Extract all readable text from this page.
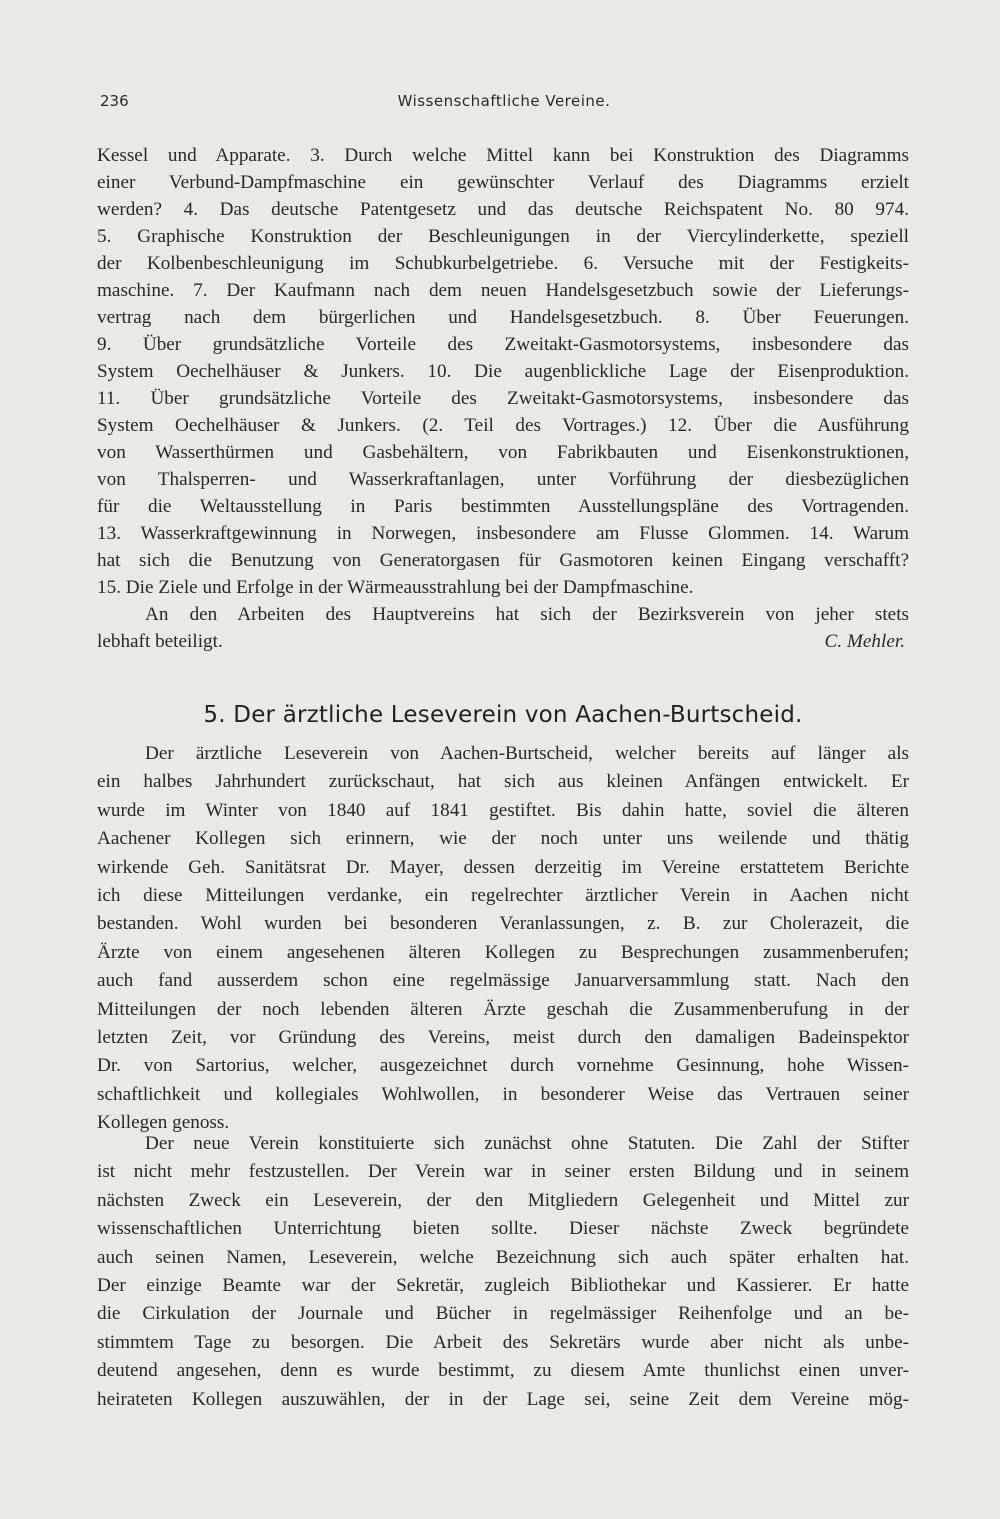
236	Wissenschaftliche Vereine.
Kessel und Apparate. 3. Durch welche Mittel kann bei Konstruktion des Diagramms
einer Verbund-Dampfmaschine ein gewünschter Verlauf des Diagramms erzielt
werden? 4. Das deutsche Patentgesetz und das deutsche Reichspatent No. 80 974.
5. Graphische Konstruktion der Beschleunigungen in der Viercylinderkette, speziell
der Kolbenbeschleunigung im Schubkurbelgetriebe. 6. Versuche mit der Festigkeits-
maschine. 7. Der Kaufmann nach dem neuen Handelsgesetzbuch sowie der Lieferungs-
vertrag nach dem bürgerlichen und Handelsgesetzbuch. 8. Über Feuerungen.
9. Über grundsätzliche Vorteile des Zweitakt-Gasmotorsystems, insbesondere das
System Oechelhäuser & Junkers. 10. Die augenblickliche Lage der Eisenproduktion.
11. Über grundsätzliche Vorteile des Zweitakt-Gasmotorsystems, insbesondere das
System Oechelhäuser & Junkers. (2. Teil des Vortrages.) 12. Über die Ausführung
von Wasserthürmen und Gasbehältern, von Fabrikbauten und Eisenkonstruktionen,
von Thalsperren- und Wasserkraftanlagen, unter Vorführung der diesbezüglichen
für die Weltausstellung in Paris bestimmten Ausstellungspläne des Vortragenden.
13. Wasserkraftgewinnung in Norwegen, insbesondere am Flusse Glommen. 14. Warum
hat sich die Benutzung von Generatorgasen für Gasmotoren keinen Eingang verschafft?
15. Die Ziele und Erfolge in der Wärmeausstrahlung bei der Dampfmaschine.
An den Arbeiten des Hauptvereins hat sich der Bezirksverein von jeher stets
lebhaft beteiligt.	C. Mehler.
5. Der ärztliche Leseverein von Aachen-Burtscheid.
Der ärztliche Leseverein von Aachen-Burtscheid, welcher bereits auf länger als
ein halbes Jahrhundert zurückschaut, hat sich aus kleinen Anfängen entwickelt. Er
wurde im Winter von 1840 auf 1841 gestiftet. Bis dahin hatte, soviel die älteren
Aachener Kollegen sich erinnern, wie der noch unter uns weilende und thätig
wirkende Geh. Sanitätsrat Dr. Mayer, dessen derzeitig im Vereine erstattetem Berichte
ich diese Mitteilungen verdanke, ein regelrechter ärztlicher Verein in Aachen nicht
bestanden. Wohl wurden bei besonderen Veranlassungen, z. B. zur Cholerazeit, die
Ärzte von einem angesehenen älteren Kollegen zu Besprechungen zusammenberufen;
auch fand ausserdem schon eine regelmässige Januarversammlung statt. Nach den
Mitteilungen der noch lebenden älteren Ärzte geschah die Zusammenberufung in der
letzten Zeit, vor Gründung des Vereins, meist durch den damaligen Badeinspektor
Dr. von Sartorius, welcher, ausgezeichnet durch vornehme Gesinnung, hohe Wissen-
schaftlichkeit und kollegiales Wohlwollen, in besonderer Weise das Vertrauen seiner
Kollegen genoss.
Der neue Verein konstituierte sich zunächst ohne Statuten. Die Zahl der Stifter
ist nicht mehr festzustellen. Der Verein war in seiner ersten Bildung und in seinem
nächsten Zweck ein Leseverein, der den Mitgliedern Gelegenheit und Mittel zur
wissenschaftlichen Unterrichtung bieten sollte. Dieser nächste Zweck begründete
auch seinen Namen, Leseverein, welche Bezeichnung sich auch später erhalten hat.
Der einzige Beamte war der Sekretär, zugleich Bibliothekar und Kassierer. Er hatte
die Cirkulation der Journale und Bücher in regelmässiger Reihenfolge und an be-
stimmtem Tage zu besorgen. Die Arbeit des Sekretärs wurde aber nicht als unbe-
deutend angesehen, denn es wurde bestimmt, zu diesem Amte thunlichst einen unver-
heirateten Kollegen auszuwählen, der in der Lage sei, seine Zeit dem Vereine mög-
